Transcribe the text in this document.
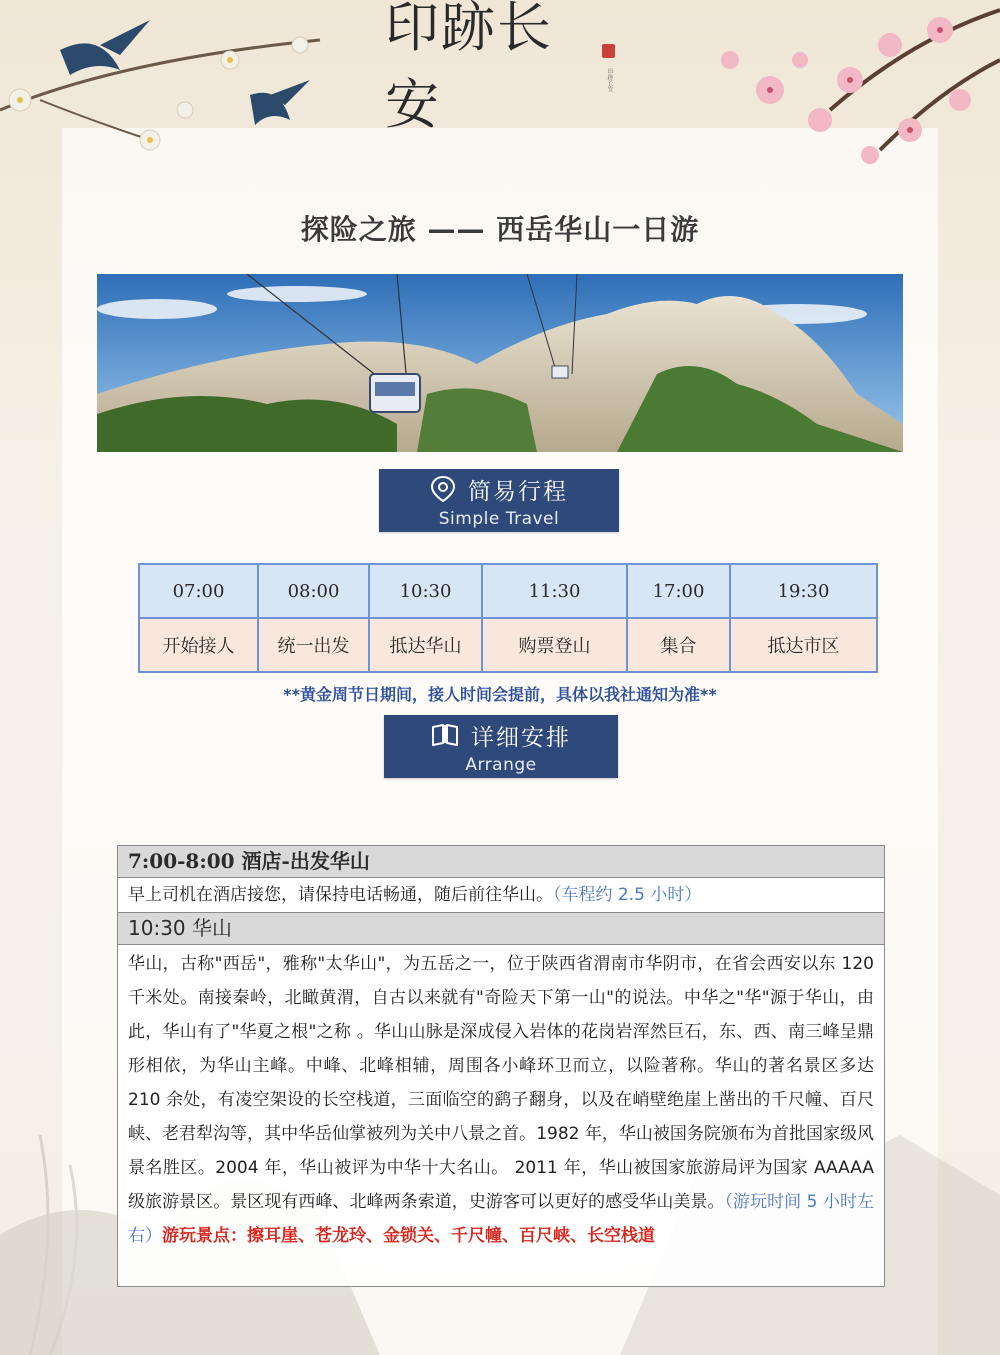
印跡长安	印跡长安
探险之旅 —— 西岳华山一日游
简易行程
Simple Travel
07:00	08:00	10:30	11:30	17:00	19:30
开始接人	统一出发	抵达华山	购票登山	集合	抵达市区
**黄金周节日期间，接人时间会提前，具体以我社通知为准**
详细安排
Arrange
7:00-8:00 酒店-出发华山
早上司机在酒店接您，请保持电话畅通，随后前往华山。（车程约 2.5 小时）
10:30 华山
华山，古称"西岳"，雅称"太华山"，为五岳之一，位于陕西省渭南市华阴市，在省会西安以东 120 千米处。南接秦岭，北瞰黄渭，自古以来就有"奇险天下第一山"的说法。中华之"华"源于华山，由此，华山有了"华夏之根"之称 。华山山脉是深成侵入岩体的花岗岩浑然巨石，东、西、南三峰呈鼎形相依，为华山主峰。中峰、北峰相辅，周围各小峰环卫而立，以险著称。华山的著名景区多达 210 余处，有凌空架设的长空栈道，三面临空的鹞子翻身，以及在峭壁绝崖上凿出的千尺幢、百尺峡、老君犁沟等，其中华岳仙掌被列为关中八景之首。1982 年，华山被国务院颁布为首批国家级风景名胜区。2004 年，华山被评为中华十大名山。 2011 年，华山被国家旅游局评为国家 AAAAA 级旅游景区。景区现有西峰、北峰两条索道，史游客可以更好的感受华山美景。（游玩时间 5 小时左右）游玩景点：擦耳崖、苍龙玲、金锁关、千尺幢、百尺峡、长空栈道
